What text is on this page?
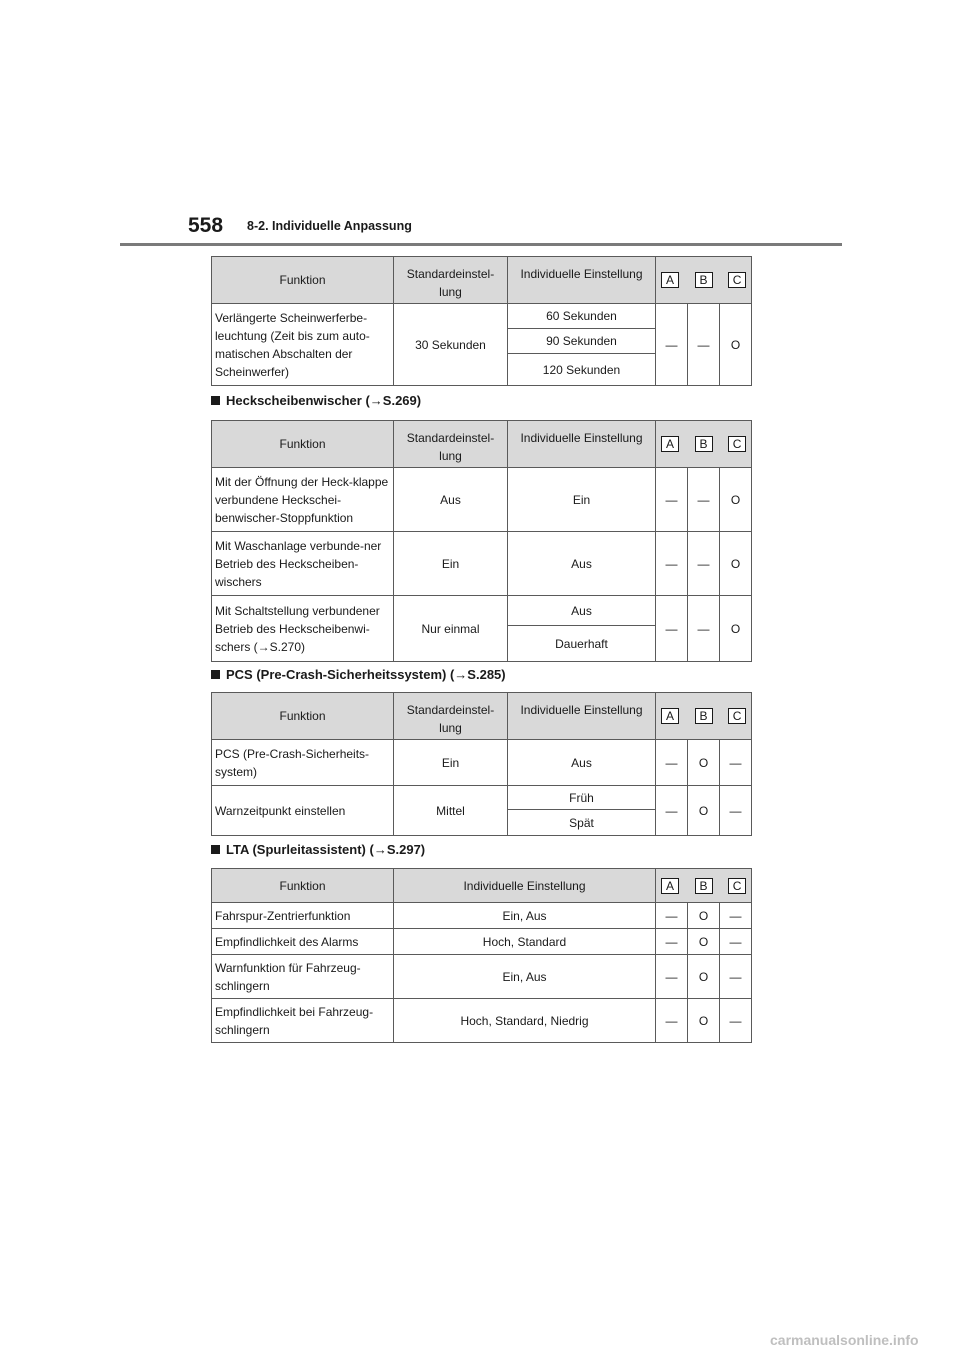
558 8-2. Individuelle Anpassung
Funktion	Standardeinstel-lung	Individuelle Einstellung	A B C		

Verlängerte Scheinwerferbe-leuchtung (Zeit bis zum auto-matischen Abschalten der Scheinwerfer)	30 Sekunden	60 Sekunden	—	—	O
		90 Sekunden			
		120 Sekunden			
Heckscheibenwischer (→S.269)
Funktion	Standardeinstel-lung	Individuelle Einstellung	A B C		

Mit der Öffnung der Heck-klappe verbundene Heckschei-benwischer-Stoppfunktion	Aus	Ein	—	—	O
Mit Waschanlage verbunde-ner Betrieb des Heckscheiben-wischers	Ein	Aus	—	—	O
Mit Schaltstellung verbundener Betrieb des Heckscheibenwi-schers (→S.270)	Nur einmal	Aus	—	—	O
		Dauerhaft			
PCS (Pre-Crash-Sicherheitssystem) (→S.285)
Funktion	Standardeinstel-lung	Individuelle Einstellung	A B C		

PCS (Pre-Crash-Sicherheits-system)	Ein	Aus	—	O	—
Warnzeitpunkt einstellen	Mittel	Früh	—	O	—
		Spät			
LTA (Spurleitassistent) (→S.297)
Funktion	Individuelle Einstellung	A B C		

Fahrspur-Zentrierfunktion	Ein, Aus	—	O	—
Empfindlichkeit des Alarms	Hoch, Standard	—	O	—
Warnfunktion für Fahrzeug-schlingern	Ein, Aus	—	O	—
Empfindlichkeit bei Fahrzeug-schlingern	Hoch, Standard, Niedrig	—	O	—
carmanualsonline.info
